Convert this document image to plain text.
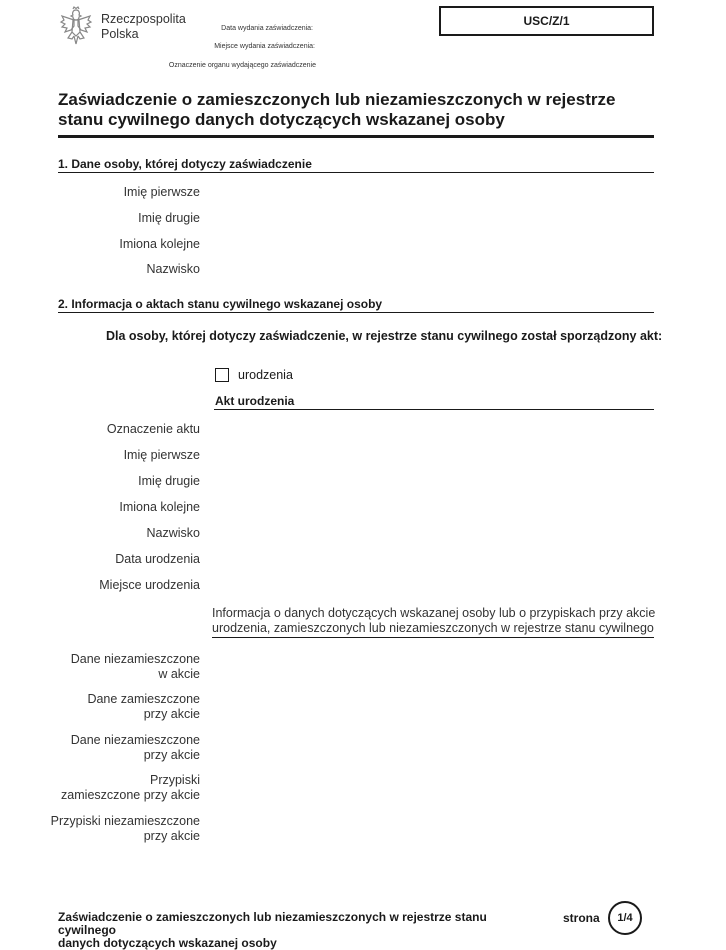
Rzeczpospolita
Polska	Data wydania zaświadczenia:
Miejsce wydania zaświadczenia:
Oznaczenie organu wydającego zaświadczenie
USC/Z/1
Zaświadczenie o zamieszczonych lub niezamieszczonych w rejestrze stanu cywilnego danych dotyczących wskazanej osoby
1. Dane osoby, której dotyczy zaświadczenie
Imię pierwsze
Imię drugie
Imiona kolejne
Nazwisko
2. Informacja o aktach stanu cywilnego wskazanej osoby
Dla osoby, której dotyczy zaświadczenie, w rejestrze stanu cywilnego został sporządzony akt:
urodzenia
Akt urodzenia
Oznaczenie aktu
Imię pierwsze
Imię drugie
Imiona kolejne
Nazwisko
Data urodzenia
Miejsce urodzenia
Informacja o danych dotyczących wskazanej osoby lub o przypiskach przy akcie
urodzenia, zamieszczonych lub niezamieszczonych w rejestrze stanu cywilnego
Dane niezamieszczone
w akcie
Dane zamieszczone
przy akcie
Dane niezamieszczone
przy akcie
Przypiski
zamieszczone przy akcie
Przypiski niezamieszczone
przy akcie
Zaświadczenie o zamieszczonych lub niezamieszczonych w rejestrze stanu cywilnego
danych dotyczących wskazanej osoby
strona	1/4
